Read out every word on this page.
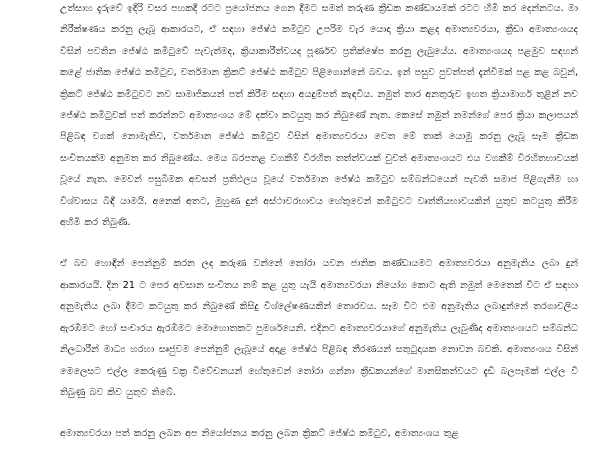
උත්සාහ දැරුවේ ඉදිරි වසර පහකදී රටට ප්‍රයෝජනය ගෙන දීමට සමත් තරුණ ක්‍රීඩක කණ්ඩායමක් රටට හිමි කර දෙන්නටය. මා නිරීක්ෂණය කරනු ලැබූ ආකාරයට, ඒ සඳහා ජේෂ්ඨ කමිටුව උපරිම වැර යොදා ක්‍රියා කළද අමාත්‍යවරයා, ක්‍රීඩා අමාත්‍යංශයද විසින් පවතින ජේෂ්ඨ කමිටුවේ පැවැත්මද, ක්‍රියාකාරීත්වයද පූර්ණව ප්‍රතික්ෂේප කරනු ලැබුයේය. අමාත්‍යංශයද පළමුව සඳහන් කළේ ජාතික ජේෂ්ඨ කමිටුව, වර්තමාන ක්‍රිකට් ජේෂ්ඨ කමිටුව පිළිගොන්නේ බවය. ඉන් පසුව පුවත්පත් දැන්වීමක් පළ කළ බවුන්, ක්‍රිකට් ජේෂ්ඨ කමිටුවට නව සාමාජිකයන් පත් කිරීම සඳහා අයදුම්පත් කැඳවීය. නමුත් තාර අනතුරුව ඉහත ක්‍රියාමාර්ග තුළින් නව ජේෂ්ඨ කමිටුවක් පත් කරන්නට අමාත්‍යංශය මේ දක්වා කටයුතු කර නිබුණේ නැත. කෙසේ නමුත් නමන්ගේ පෙර ක්‍රියා කලාපයන් පිළිබඳ වගක් නොමැතිව, වර්තමාන ජේෂ්ඨ කමිටුව විසින් අමාත්‍යවරයා වෙත මේ තාක් යොමු කරනු ලැබූ සෑම ක්‍රීඩක සංචිතයක්ම අනුමත කර නිබුණේය. මෙය බරපතළ වගකීම් විරහිත තත්ත්වයක් වුවත් අමාත්‍යංශයට එය වගකීම් විරහිතභාවයක් වූයේ නැත. මෙවන් පසුබිමක අවසන් ප්‍රතිඵලය වූයේ වර්තමාන ජේෂ්ඨ කමිටුව සම්බන්ධයෙන් පැවති සමාජ පිළිගැනීම හා විශ්වාසය බිඳී යාමයි. අනෙක් අතට, මුහුණ දුන් අස්ථාවරභාවය හේතුවෙන් කමිටුවට වෘත්තීයභාවයකින් යුතුව කටයුතු කිරීම අහිමි කර තිබුණි.

ඒ බව හොඳින් පෙන්නුම් කරන ලද කරුණ වන්නේ තෝරා යවන ජාතික කණ්ඩායමට අමාත්‍යවරයා අනුමැතිය ලබා දුන් ආකාරයයි. දින 21 ට පෙර අවසාන සංචිතය නම් කළ යුතු යැයි අමාත්‍යවරයා නියෝග කොට ඇති නමුත් මෙතෙක් වීට ඒ සඳහා අනුමැතිය ලබා දීමට කටයුතු කර නිබුණේ කිසිදු විශ්ලේෂණයකින් තොරවය. සෑම විට එම අනුමැතිය ලබාදුන්නේ තරගාවලිය ඇරඹීමට හෝ සංචාරය ඇරඹීමට මොහොතකට පුමර්ශයෙනි. එදිනට අමාත්‍යවරයාගේ අනුමැතිය ලැබුණිද අමාත්‍යංශයට සම්බන්ධ නිලධාරීන් මාධ්‍ය හරහා සෘජුවම පෙන්නුම් ලැබූයේ අදාළ ජේෂ්ඨ පිළිබඳ තීරණයන් සතුටුදායක නොවන බවකි. අමාත්‍යංශය විසින් මෙලෙසට එල්ල කෙරුණු වක්‍ර විවේචනයන් හේතුවෙන් තෝරා ගන්නා ක්‍රීඩකයන්ගේ මානසිකත්වයට දැඩි බලපෑමක් එල්ල වී තිබුණු බව කිව යුතුව තිබේ.

අමාත්‍යවරයා පත් කරනු ලබන අප නියෝජනය කරනු ලබන ක්‍රිකට් ජේෂ්ඨ කමිටුව, අමාත්‍යංශය තුළ
